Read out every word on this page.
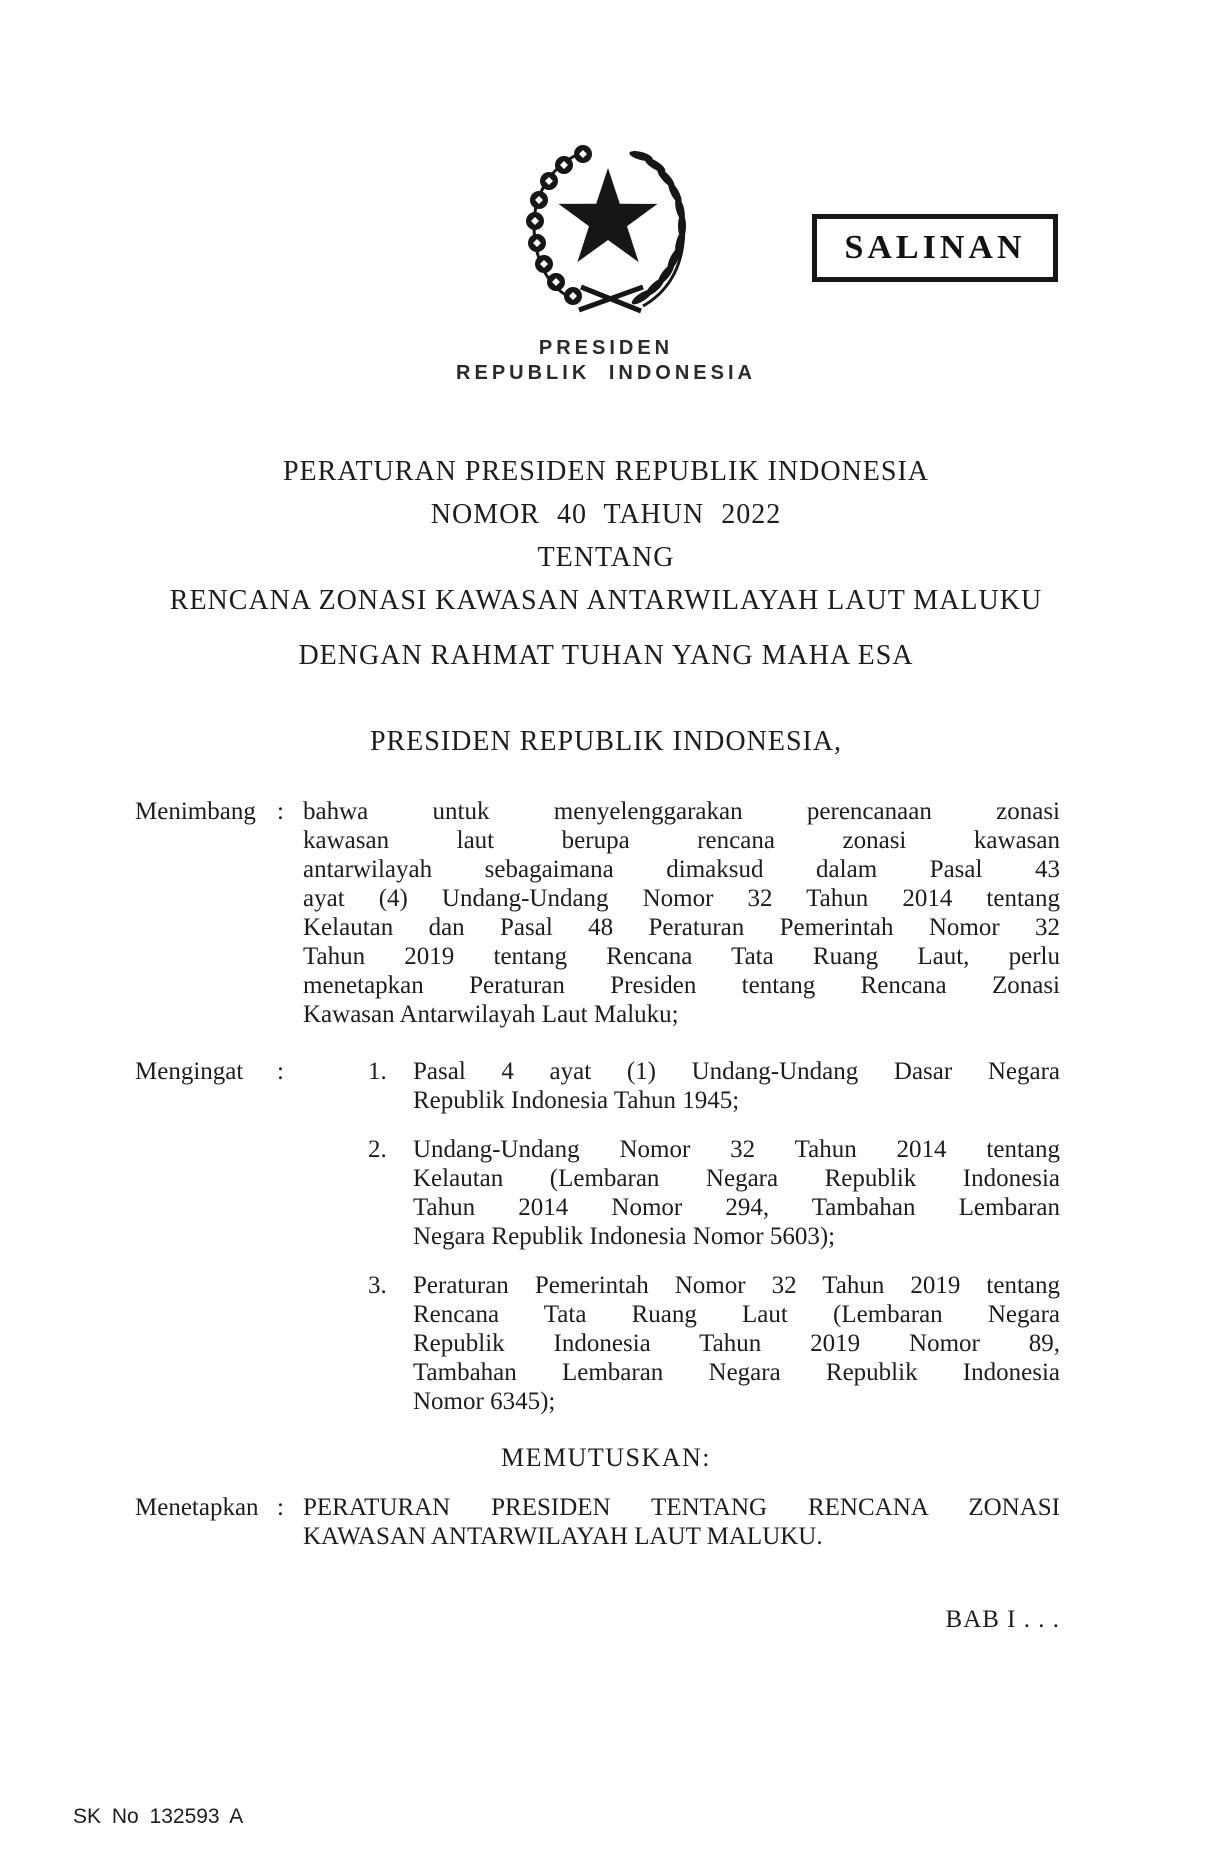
SALINAN
PRESIDEN
REPUBLIK INDONESIA
PERATURAN PRESIDEN REPUBLIK INDONESIA
NOMOR 40 TAHUN 2022
TENTANG
RENCANA ZONASI KAWASAN ANTARWILAYAH LAUT MALUKU
DENGAN RAHMAT TUHAN YANG MAHA ESA
PRESIDEN REPUBLIK INDONESIA,
Menimbang : bahwa untuk menyelenggarakan perencanaan zonasi
kawasan laut berupa rencana zonasi kawasan
antarwilayah sebagaimana dimaksud dalam Pasal 43
ayat (4) Undang-Undang Nomor 32 Tahun 2014 tentang
Kelautan dan Pasal 48 Peraturan Pemerintah Nomor 32
Tahun 2019 tentang Rencana Tata Ruang Laut, perlu
menetapkan Peraturan Presiden tentang Rencana Zonasi
Kawasan Antarwilayah Laut Maluku;
Mengingat :	1. Pasal 4 ayat (1) Undang-Undang Dasar Negara
Republik Indonesia Tahun 1945;
2. Undang-Undang Nomor 32 Tahun 2014 tentang
Kelautan (Lembaran Negara Republik Indonesia
Tahun 2014 Nomor 294, Tambahan Lembaran
Negara Republik Indonesia Nomor 5603);
3. Peraturan Pemerintah Nomor 32 Tahun 2019 tentang
Rencana Tata Ruang Laut (Lembaran Negara
Republik Indonesia Tahun 2019 Nomor 89,
Tambahan Lembaran Negara Republik Indonesia
Nomor 6345);
MEMUTUSKAN:
Menetapkan : PERATURAN PRESIDEN TENTANG RENCANA ZONASI
KAWASAN ANTARWILAYAH LAUT MALUKU.
BAB I . . .
SK No 132593 A
